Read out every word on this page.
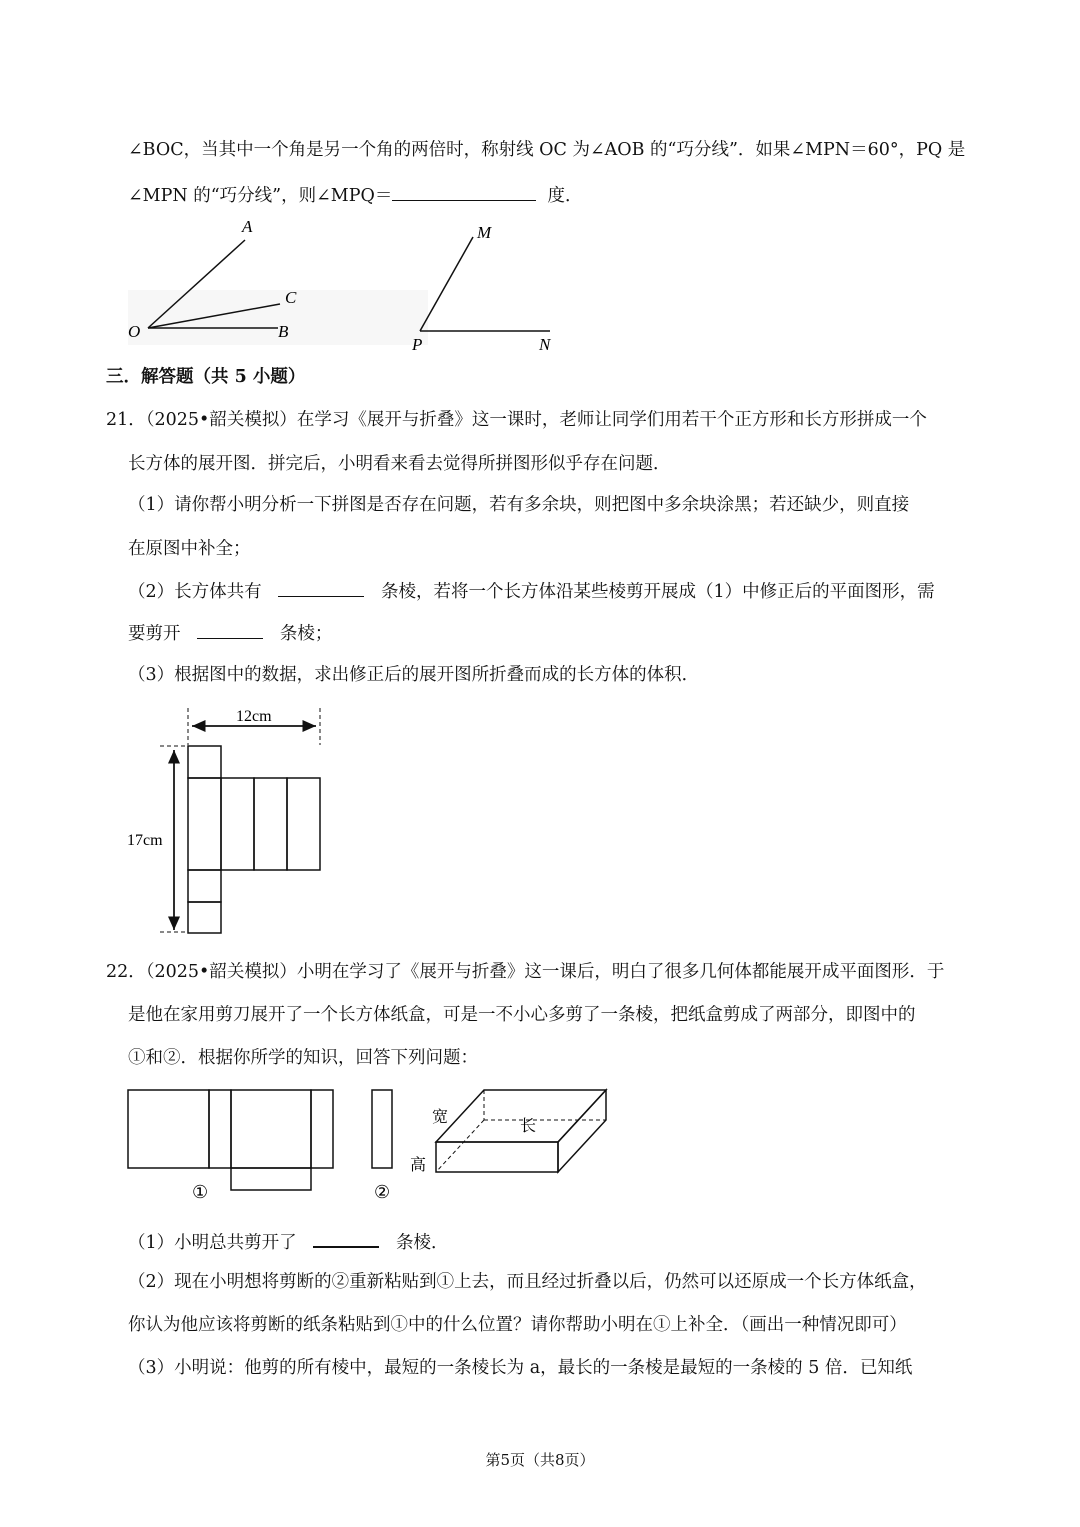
∠BOC，当其中一个角是另一个角的两倍时，称射线 OC 为∠AOB 的“巧分线”．如果∠MPN＝60°，PQ 是
∠MPN 的“巧分线”，则∠MPQ＝	度．
A
C
O	B
M
P	N
三．解答题（共 5 小题）
21．（2025•韶关模拟）在学习《展开与折叠》这一课时，老师让同学们用若干个正方形和长方形拼成一个
长方体的展开图．拼完后，小明看来看去觉得所拼图形似乎存在问题．
（1）请你帮小明分析一下拼图是否存在问题，若有多余块，则把图中多余块涂黑；若还缺少，则直接
在原图中补全；
（2）长方体共有	条棱，若将一个长方体沿某些棱剪开展成（1）中修正后的平面图形，需
要剪开	条棱；
（3）根据图中的数据，求出修正后的展开图所折叠而成的长方体的体积．
12cm
17cm
22．（2025•韶关模拟）小明在学习了《展开与折叠》这一课后，明白了很多几何体都能展开成平面图形．于
是他在家用剪刀展开了一个长方体纸盒，可是一不小心多剪了一条棱，把纸盒剪成了两部分，即图中的
①和②．根据你所学的知识，回答下列问题：
①	②
宽
长
高
（1）小明总共剪开了	条棱．
（2）现在小明想将剪断的②重新粘贴到①上去，而且经过折叠以后，仍然可以还原成一个长方体纸盒，
你认为他应该将剪断的纸条粘贴到①中的什么位置？请你帮助小明在①上补全．（画出一种情况即可）
（3）小明说：他剪的所有棱中，最短的一条棱长为 a，最长的一条棱是最短的一条棱的 5 倍．已知纸
第5页（共8页）
